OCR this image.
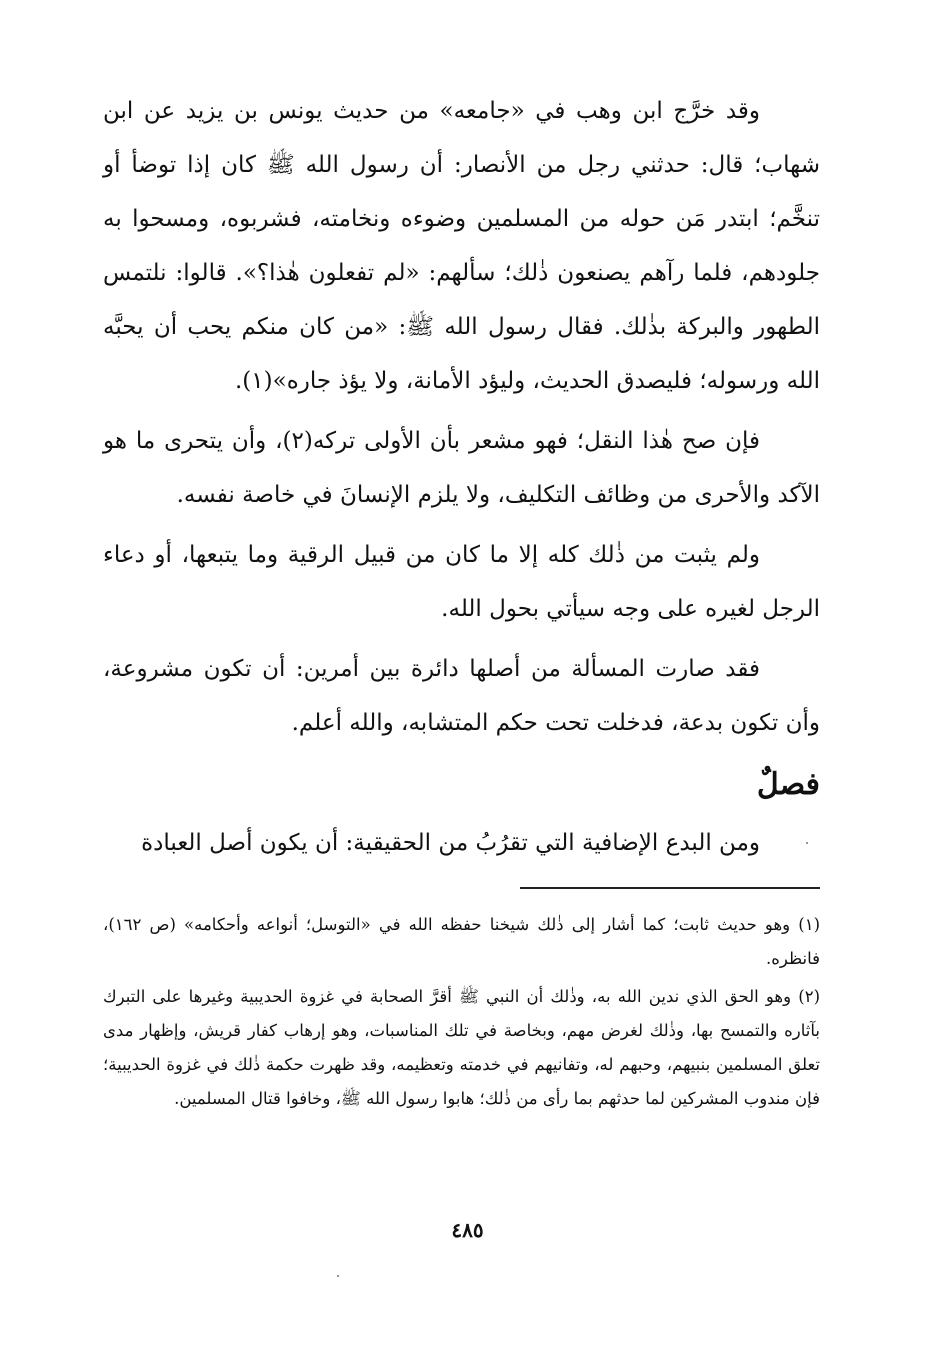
وقد خرَّج ابن وهب في «جامعه» من حديث يونس بن يزيد عن ابن شهاب؛ قال: حدثني رجل من الأنصار: أن رسول الله ﷺ كان إذا توضأ أو تنخَّم؛ ابتدر مَن حوله من المسلمين وضوءه ونخامته، فشربوه، ومسحوا به جلودهم، فلما رآهم يصنعون ذٰلك؛ سألهم: «لم تفعلون هٰذا؟». قالوا: نلتمس الطهور والبركة بذٰلك. فقال رسول الله ﷺ: «من كان منكم يحب أن يحبَّه الله ورسوله؛ فليصدق الحديث، وليؤد الأمانة، ولا يؤذ جاره»(١).

فإن صح هٰذا النقل؛ فهو مشعر بأن الأولى تركه(٢)، وأن يتحرى ما هو الآكد والأحرى من وظائف التكليف، ولا يلزم الإنسانَ في خاصة نفسه.

ولم يثبت من ذٰلك كله إلا ما كان من قبيل الرقية وما يتبعها، أو دعاء الرجل لغيره على وجه سيأتي بحول الله.

فقد صارت المسألة من أصلها دائرة بين أمرين: أن تكون مشروعة، وأن تكون بدعة، فدخلت تحت حكم المتشابه، والله أعلم.

فصلٌ

ومن البدع الإضافية التي تقرُبُ من الحقيقية: أن يكون أصل العبادة

(١) وهو حديث ثابت؛ كما أشار إلى ذٰلك شيخنا حفظه الله في «التوسل؛ أنواعه وأحكامه» (ص ١٦٢)، فانظره.

(٢) وهو الحق الذي ندين الله به، وذٰلك أن النبي ﷺ أقرَّ الصحابة في غزوة الحديبية وغيرها على التبرك بآثاره والتمسح بها، وذٰلك لغرض مهم، وبخاصة في تلك المناسبات، وهو إرهاب كفار قريش، وإظهار مدى تعلق المسلمين بنبيهم، وحبهم له، وتفانيهم في خدمته وتعظيمه، وقد ظهرت حكمة ذٰلك في غزوة الحديبية؛ فإن مندوب المشركين لما حدثهم بما رأى من ذٰلك؛ هابوا رسول الله ﷺ، وخافوا قتال المسلمين.

٤٨٥
